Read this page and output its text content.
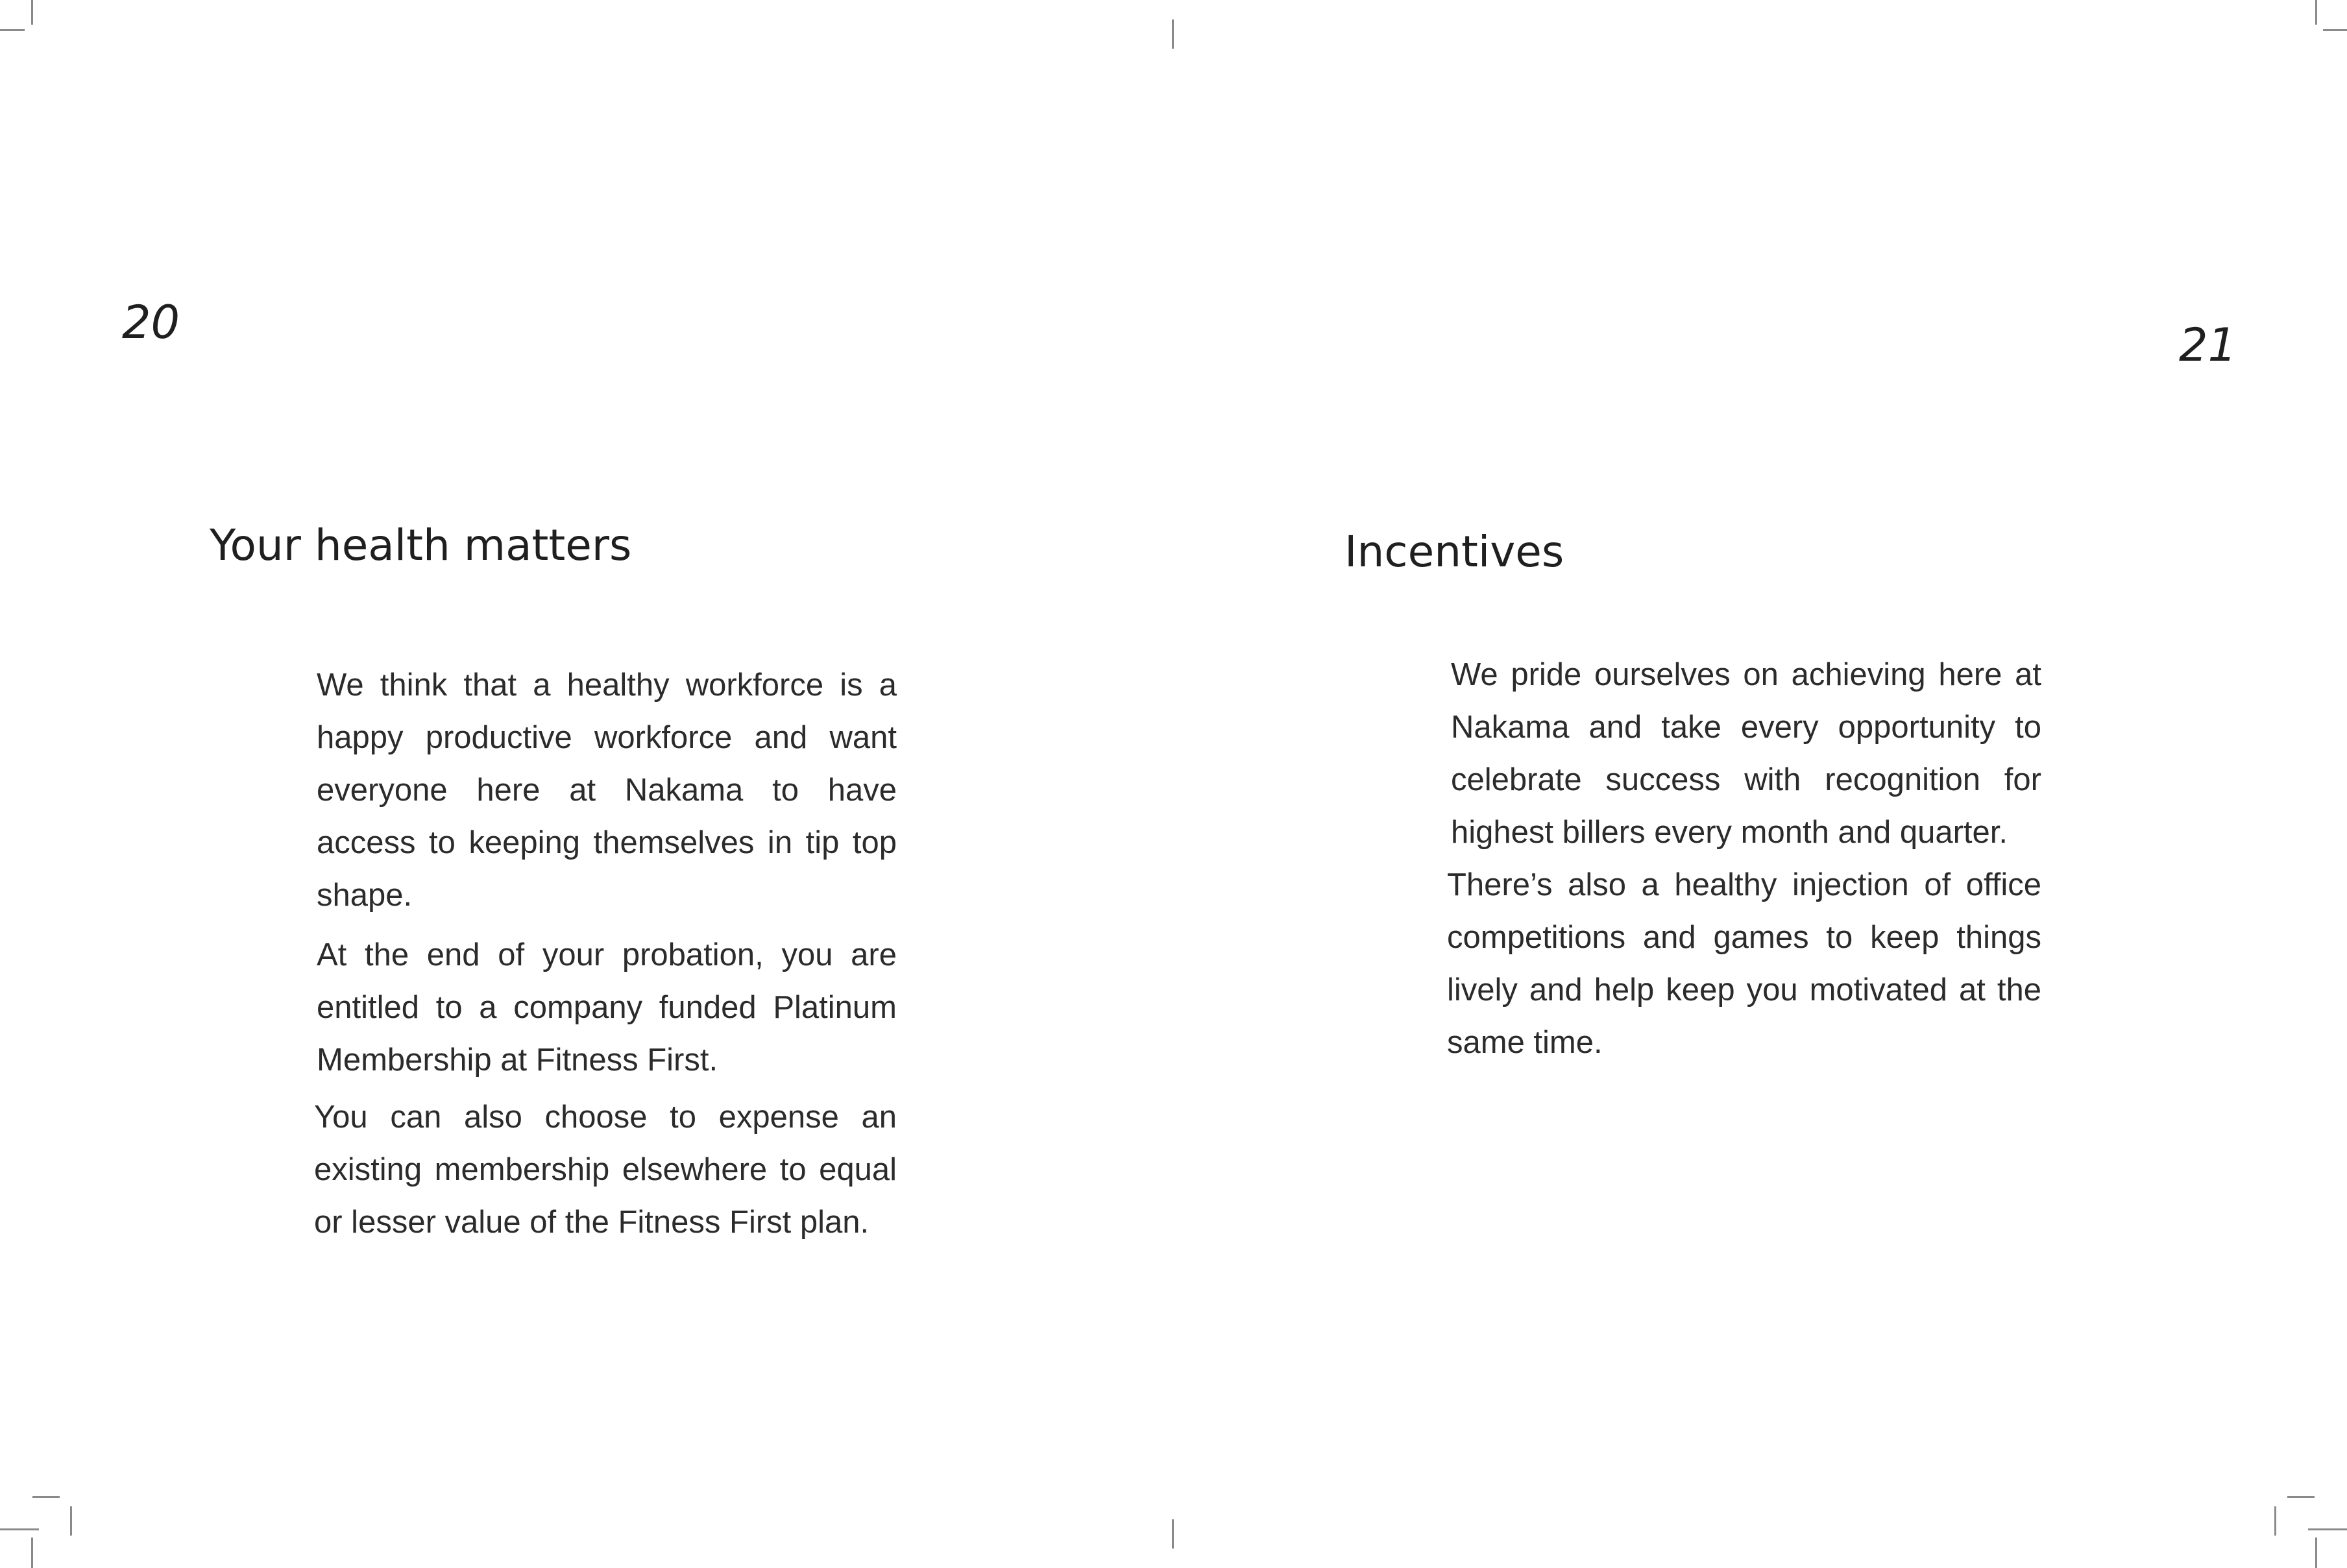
20
Your health matters

We think that a healthy workforce is a happy productive workforce and want everyone here at Nakama to have access to keeping themselves in tip top shape.

At the end of your probation, you are entitled to a company funded Platinum Membership at Fitness First.

You can also choose to expense an existing membership elsewhere to equal or lesser value of the Fitness First plan.

21
Incentives

We pride ourselves on achieving here at Nakama and take every opportunity to celebrate success with recognition for highest billers every month and quarter.

There’s also a healthy injection of office competitions and games to keep things lively and help keep you motivated at the same time.
